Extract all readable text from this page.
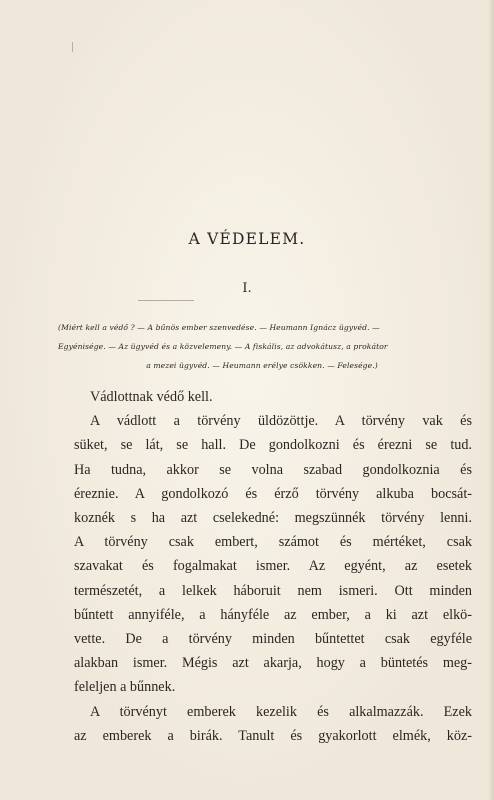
A VÉDELEM.
I.
(Miért kell a védő ? — A bűnös ember szenvedése. — Heumann Ignácz ügyvéd. —
Egyénisége. — Az ügyvéd és a közvelemeny. — A fiskális, az advokátusz, a prokátor
a mezei ügyvéd. — Heumann erélye csökken. — Felesége.)
Vádlottnak védő kell.
A vádlott a törvény üldözöttje. A törvény vak és
süket, se lát, se hall. De gondolkozni és érezni se tud.
Ha tudna, akkor se volna szabad gondolkoznia és
éreznie. A gondolkozó és érző törvény alkuba bocsát-
koznék s ha azt cselekedné: megszünnék törvény lenni.
A törvény csak embert, számot és mértéket, csak
szavakat és fogalmakat ismer. Az egyént, az esetek
természetét, a lelkek háboruit nem ismeri. Ott minden
bűntett annyiféle, a hányféle az ember, a ki azt elkö-
vette. De a törvény minden bűntettet csak egyféle
alakban ismer. Mégis azt akarja, hogy a büntetés meg-
feleljen a bűnnek.
A törvényt emberek kezelik és alkalmazzák. Ezek
az emberek a birák. Tanult és gyakorlott elmék, köz-
